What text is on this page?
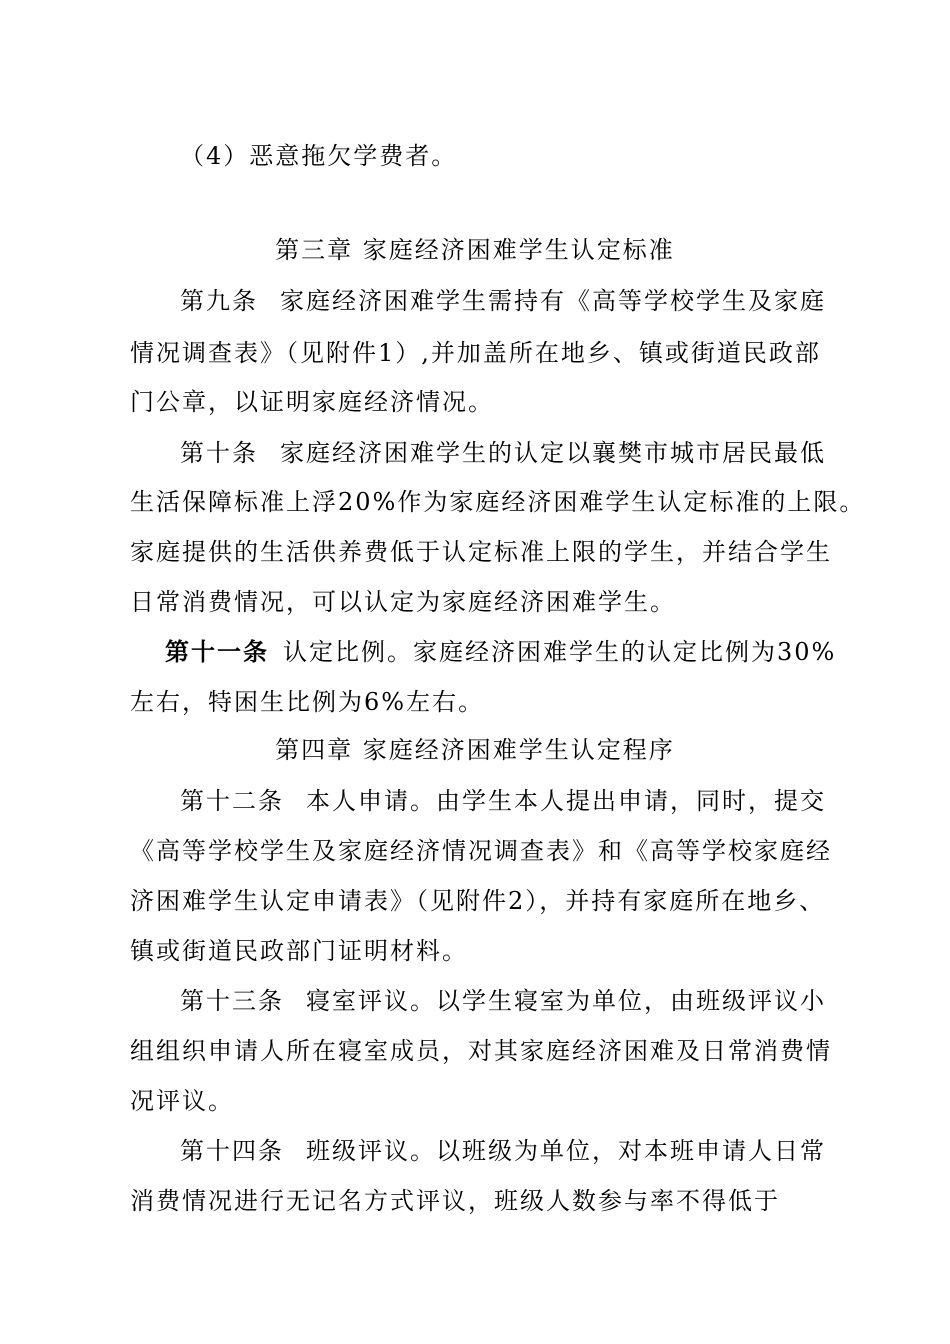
（4）恶意拖欠学费者。
第三章 家庭经济困难学生认定标准
第九条 家庭经济困难学生需持有《高等学校学生及家庭
情况调查表》（见附件1）,并加盖所在地乡、镇或街道民政部
门公章，以证明家庭经济情况。
第十条 家庭经济困难学生的认定以襄樊市城市居民最低
生活保障标准上浮20%作为家庭经济困难学生认定标准的上限。
家庭提供的生活供养费低于认定标准上限的学生，并结合学生
日常消费情况，可以认定为家庭经济困难学生。
第十一条 认定比例。家庭经济困难学生的认定比例为30%
左右，特困生比例为6%左右。
第四章 家庭经济困难学生认定程序
第十二条 本人申请。由学生本人提出申请，同时，提交
《高等学校学生及家庭经济情况调查表》和《高等学校家庭经
济困难学生认定申请表》（见附件2），并持有家庭所在地乡、
镇或街道民政部门证明材料。
第十三条 寝室评议。以学生寝室为单位，由班级评议小
组组织申请人所在寝室成员，对其家庭经济困难及日常消费情
况评议。
第十四条 班级评议。以班级为单位，对本班申请人日常
消费情况进行无记名方式评议，班级人数参与率不得低于
